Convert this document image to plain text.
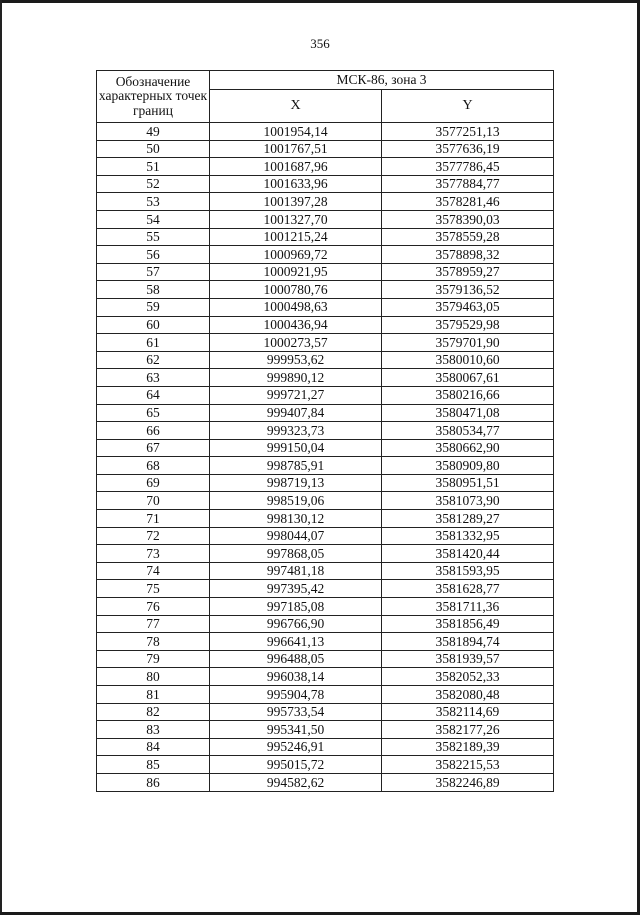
356
Обозначение характерных точек границ	МСК-86, зона 3	
	X	Y
49	1001954,14	3577251,13
50	1001767,51	3577636,19
51	1001687,96	3577786,45
52	1001633,96	3577884,77
53	1001397,28	3578281,46
54	1001327,70	3578390,03
55	1001215,24	3578559,28
56	1000969,72	3578898,32
57	1000921,95	3578959,27
58	1000780,76	3579136,52
59	1000498,63	3579463,05
60	1000436,94	3579529,98
61	1000273,57	3579701,90
62	999953,62	3580010,60
63	999890,12	3580067,61
64	999721,27	3580216,66
65	999407,84	3580471,08
66	999323,73	3580534,77
67	999150,04	3580662,90
68	998785,91	3580909,80
69	998719,13	3580951,51
70	998519,06	3581073,90
71	998130,12	3581289,27
72	998044,07	3581332,95
73	997868,05	3581420,44
74	997481,18	3581593,95
75	997395,42	3581628,77
76	997185,08	3581711,36
77	996766,90	3581856,49
78	996641,13	3581894,74
79	996488,05	3581939,57
80	996038,14	3582052,33
81	995904,78	3582080,48
82	995733,54	3582114,69
83	995341,50	3582177,26
84	995246,91	3582189,39
85	995015,72	3582215,53
86	994582,62	3582246,89
